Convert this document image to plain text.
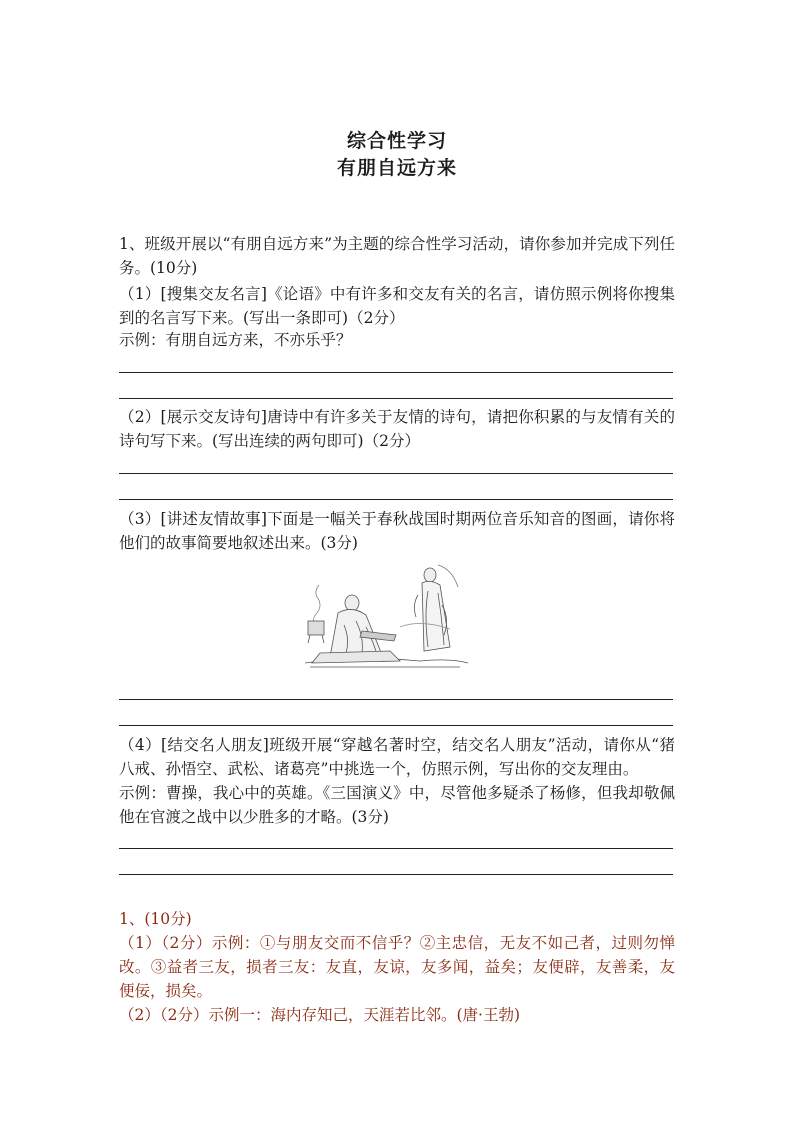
综合性学习
有朋自远方来
1、班级开展以“有朋自远方来”为主题的综合性学习活动，请你参加并完成下列任务。(10分)
（1）[搜集交友名言]《论语》中有许多和交友有关的名言，请仿照示例将你搜集到的名言写下来。(写出一条即可)（2分）
示例：有朋自远方来，不亦乐乎？
（2）[展示交友诗句]唐诗中有许多关于友情的诗句，请把你积累的与友情有关的诗句写下来。(写出连续的两句即可)（2分）
（3）[讲述友情故事]下面是一幅关于春秋战国时期两位音乐知音的图画，请你将他们的故事简要地叙述出来。(3分)
（4）[结交名人朋友]班级开展“穿越名著时空，结交名人朋友”活动，请你从“猪八戒、孙悟空、武松、诸葛亮”中挑选一个，仿照示例，写出你的交友理由。
示例：曹操，我心中的英雄。《三国演义》中，尽管他多疑杀了杨修，但我却敬佩他在官渡之战中以少胜多的才略。(3分)
1、(10分)
（1）（2分）示例：①与朋友交而不信乎？②主忠信，无友不如己者，过则勿惮改。③益者三友，损者三友：友直，友谅，友多闻，益矣；友便辟，友善柔，友便佞，损矣。
（2）（2分）示例一：海内存知己，天涯若比邻。(唐·王勃)
